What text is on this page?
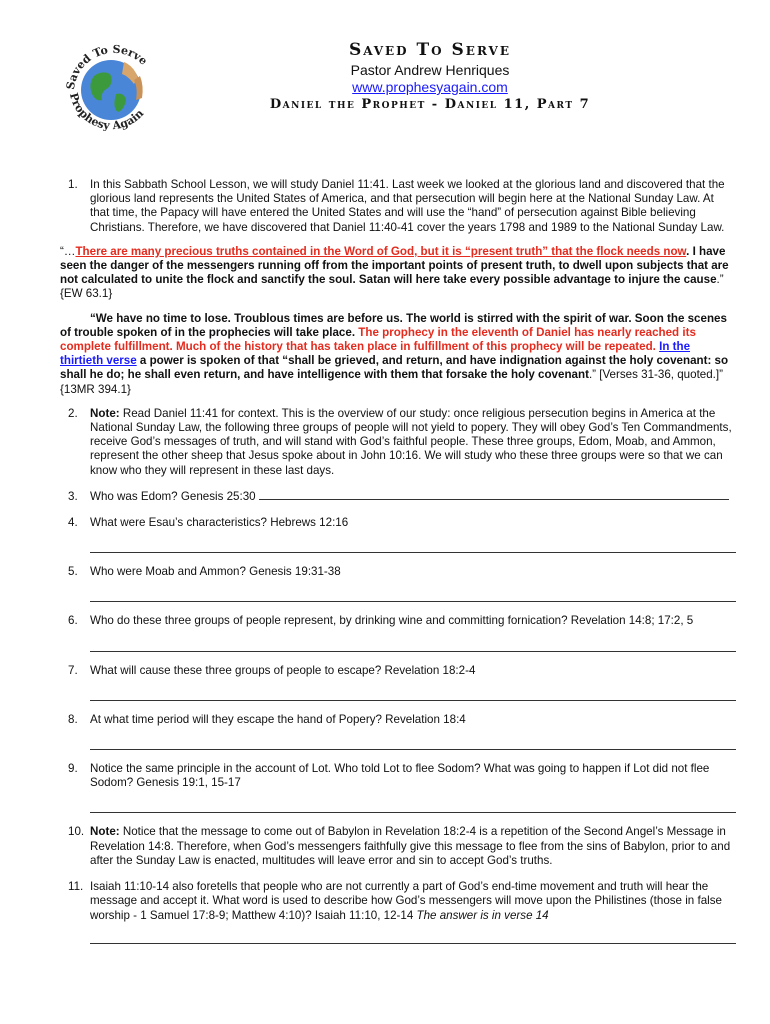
Saved To Serve
Prophesy Again
Saved To Serve
Pastor Andrew Henriques
www.prophesyagain.com
Daniel the Prophet - Daniel 11, Part 7
1.	In this Sabbath School Lesson, we will study Daniel 11:41. Last week we looked at the glorious land and discovered that the glorious land represents the United States of America, and that persecution will begin here at the National Sunday Law. At that time, the Papacy will have entered the United States and will use the “hand” of persecution against Bible believing Christians. Therefore, we have discovered that Daniel 11:40-41 cover the years 1798 and 1989 to the National Sunday Law.
“…There are many precious truths contained in the Word of God, but it is “present truth” that the flock needs now. I have seen the danger of the messengers running off from the important points of present truth, to dwell upon subjects that are not calculated to unite the flock and sanctify the soul. Satan will here take every possible advantage to injure the cause.” {EW 63.1}
“We have no time to lose. Troublous times are before us. The world is stirred with the spirit of war. Soon the scenes of trouble spoken of in the prophecies will take place. The prophecy in the eleventh of Daniel has nearly reached its complete fulfillment. Much of the history that has taken place in fulfillment of this prophecy will be repeated. In the thirtieth verse a power is spoken of that “shall be grieved, and return, and have indignation against the holy covenant: so shall he do; he shall even return, and have intelligence with them that forsake the holy covenant.” [Verses 31-36, quoted.]” {13MR 394.1}
2.	Note: Read Daniel 11:41 for context. This is the overview of our study: once religious persecution begins in America at the National Sunday Law, the following three groups of people will not yield to popery. They will obey God’s Ten Commandments, receive God’s messages of truth, and will stand with God’s faithful people. These three groups, Edom, Moab, and Ammon, represent the other sheep that Jesus spoke about in John 10:16. We will study who these three groups were so that we can know who they will represent in these last days.
3.	Who was Edom? Genesis 25:30
4.	What were Esau’s characteristics? Hebrews 12:16
5.	Who were Moab and Ammon? Genesis 19:31-38
6.	Who do these three groups of people represent, by drinking wine and committing fornication? Revelation 14:8; 17:2, 5
7.	What will cause these three groups of people to escape? Revelation 18:2-4
8.	At what time period will they escape the hand of Popery? Revelation 18:4
9.	Notice the same principle in the account of Lot. Who told Lot to flee Sodom? What was going to happen if Lot did not flee Sodom? Genesis 19:1, 15-17
10. Note: Notice that the message to come out of Babylon in Revelation 18:2-4 is a repetition of the Second Angel’s Message in Revelation 14:8. Therefore, when God’s messengers faithfully give this message to flee from the sins of Babylon, prior to and after the Sunday Law is enacted, multitudes will leave error and sin to accept God’s truths.
11. Isaiah 11:10-14 also foretells that people who are not currently a part of God’s end-time movement and truth will hear the message and accept it. What word is used to describe how God’s messengers will move upon the Philistines (those in false worship - 1 Samuel 17:8-9; Matthew 4:10)? Isaiah 11:10, 12-14 The answer is in verse 14
